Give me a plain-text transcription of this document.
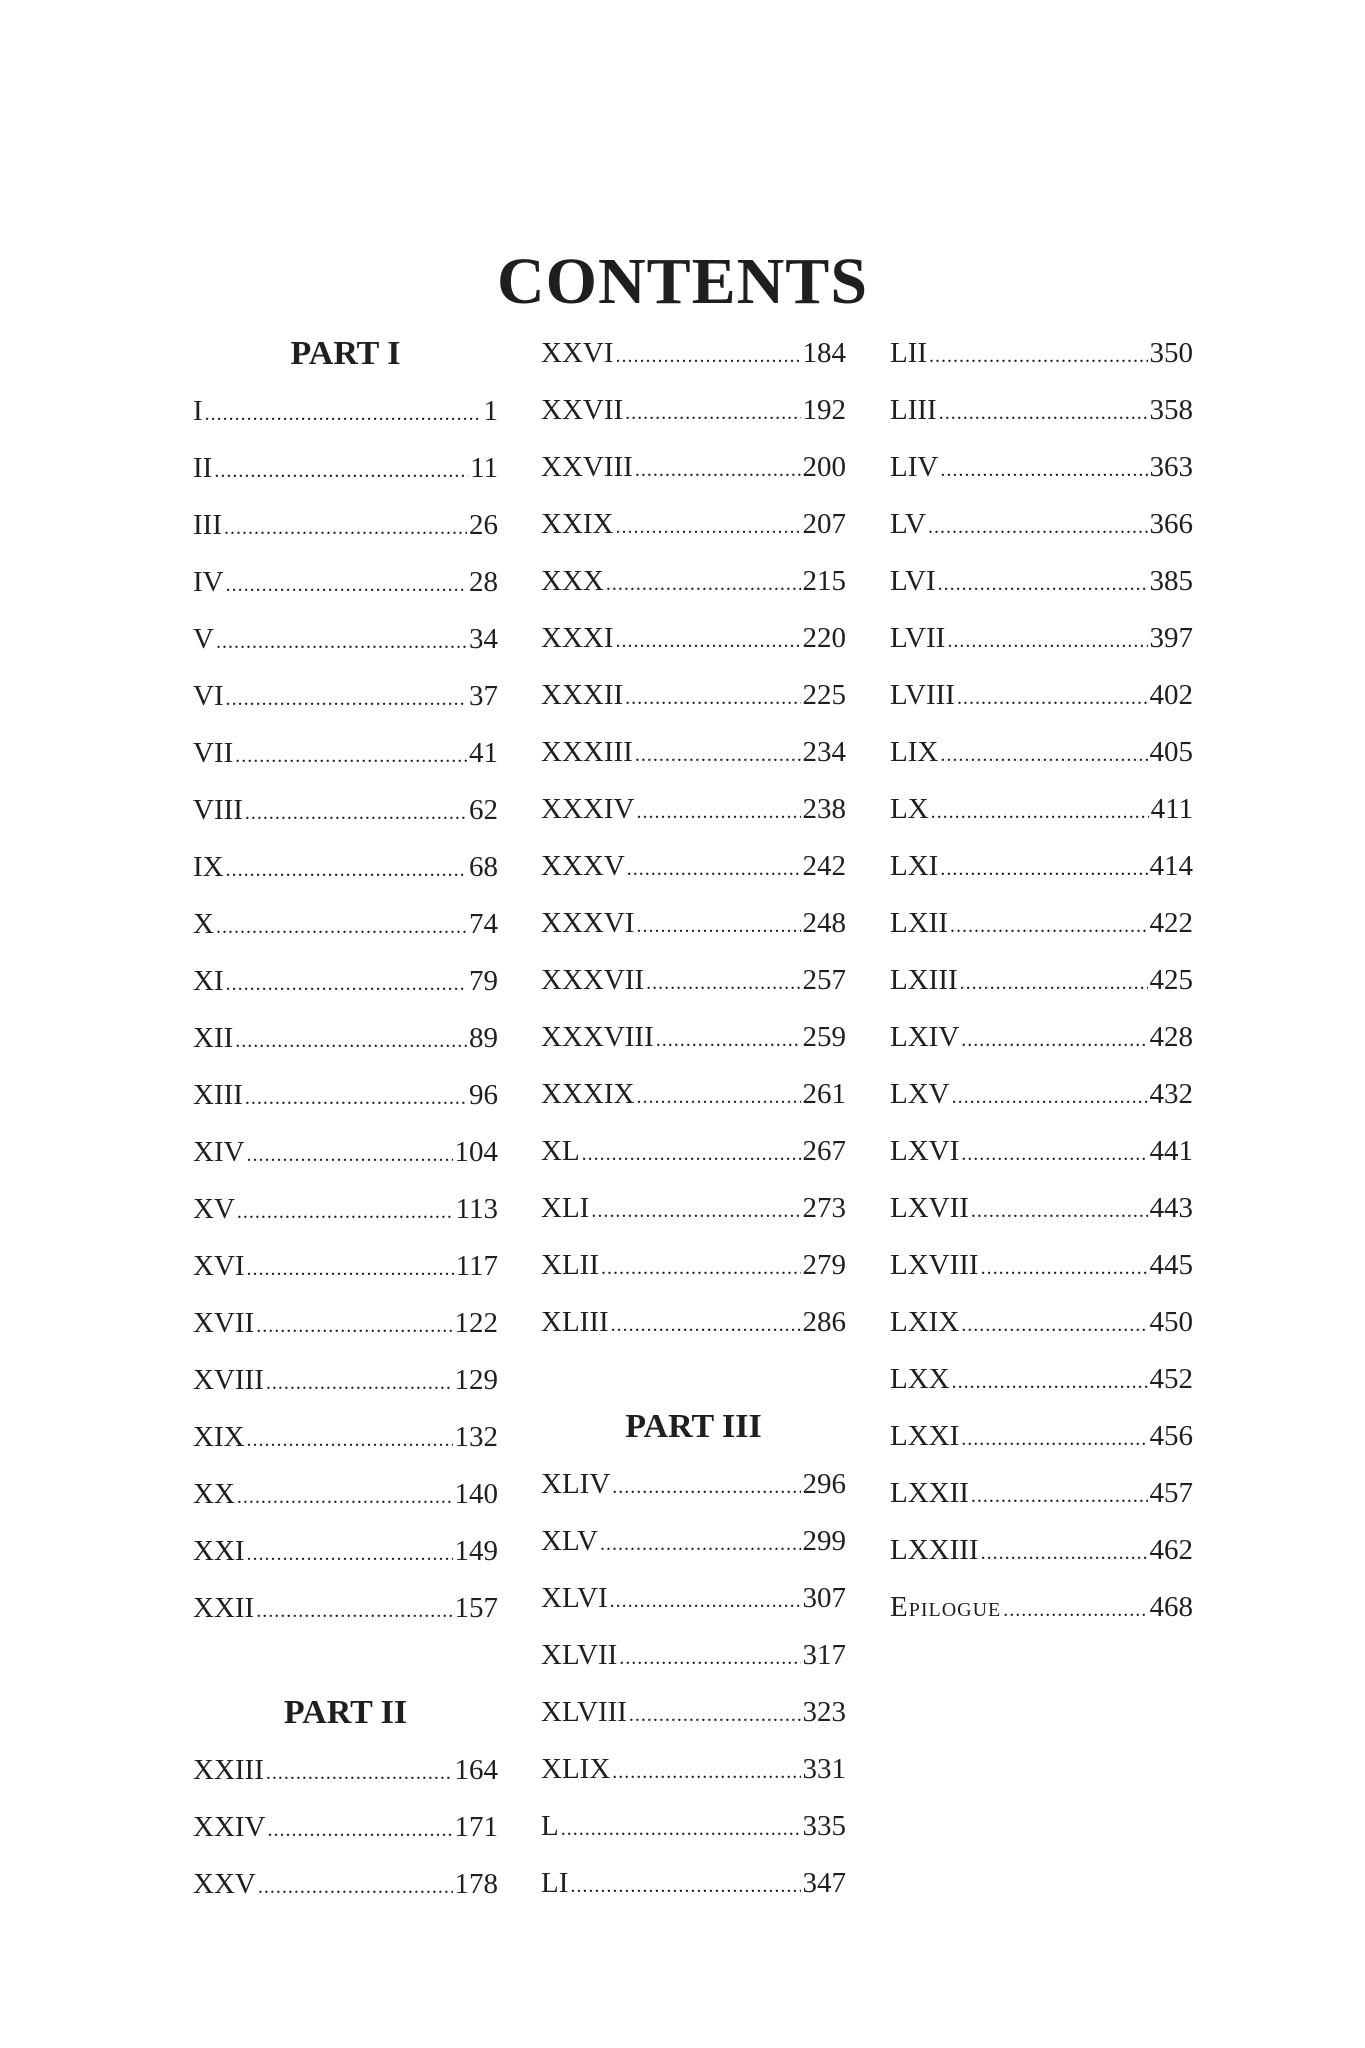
CONTENTS
PART I
I .....	1
II .....	11
III .....	26
IV .....	28
V .....	34
VI .....	37
VII .....	41
VIII .....	62
IX .....	68
X .....	74
XI .....	79
XII .....	89
XIII .....	96
XIV .....	104
XV .....	113
XVI .....	117
XVII .....	122
XVIII .....	129
XIX .....	132
XX .....	140
XXI .....	149
XXII .....	157
PART II
XXIII .....	164
XXIV .....	171
XXV .....	178
XXVI .....	184
XXVII .....	192
XXVIII .....	200
XXIX .....	207
XXX .....	215
XXXI .....	220
XXXII .....	225
XXXIII .....	234
XXXIV .....	238
XXXV .....	242
XXXVI .....	248
XXXVII .....	257
XXXVIII .....	259
XXXIX .....	261
XL .....	267
XLI .....	273
XLII .....	279
XLIII .....	286
PART III
XLIV .....	296
XLV .....	299
XLVI .....	307
XLVII .....	317
XLVIII .....	323
XLIX .....	331
L .....	335
LI .....	347
LII .....	350
LIII .....	358
LIV .....	363
LV .....	366
LVI .....	385
LVII .....	397
LVIII .....	402
LIX .....	405
LX .....	411
LXI .....	414
LXII .....	422
LXIII .....	425
LXIV .....	428
LXV .....	432
LXVI .....	441
LXVII .....	443
LXVIII .....	445
LXIX .....	450
LXX .....	452
LXXI .....	456
LXXII .....	457
LXXIII .....	462
Epilogue .....	468
